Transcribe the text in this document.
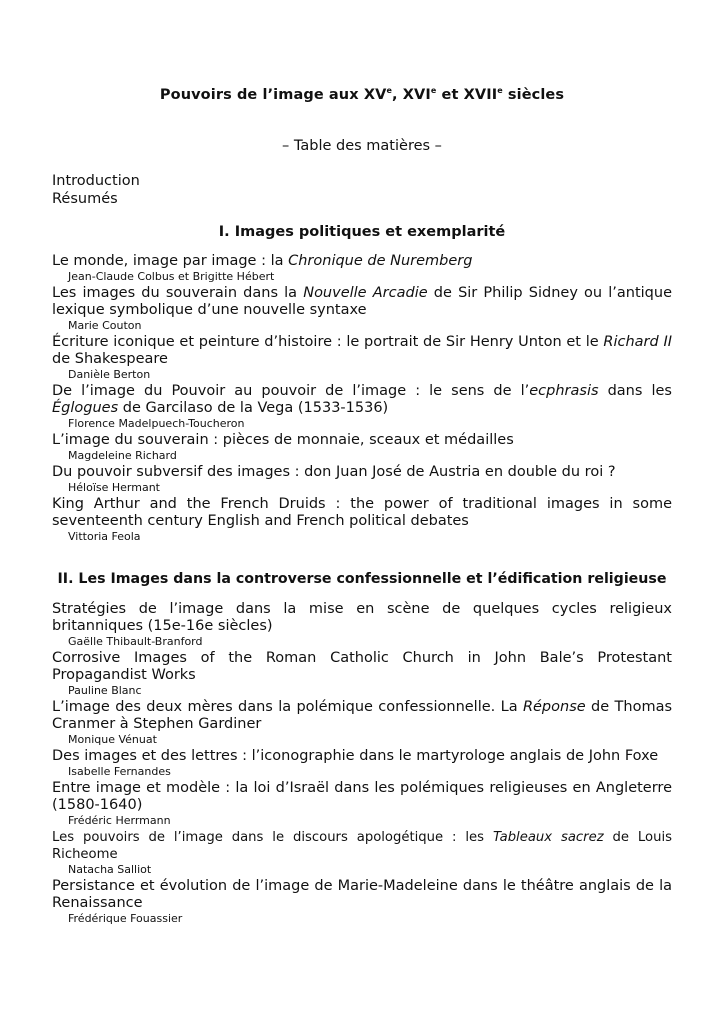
Pouvoirs de l’image aux XVe, XVIe et XVIIe siècles
– Table des matières –
Introduction
Résumés
I. Images politiques et exemplarité
Le monde, image par image : la Chronique de Nuremberg
Jean-Claude Colbus et Brigitte Hébert
Les images du souverain dans la Nouvelle Arcadie de Sir Philip Sidney ou l’antique lexique symbolique d’une nouvelle syntaxe
Marie Couton
Écriture iconique et peinture d’histoire : le portrait de Sir Henry Unton et le Richard II de Shakespeare
Danièle Berton
De l’image du Pouvoir au pouvoir de l’image : le sens de l’ecphrasis dans les Églogues de Garcilaso de la Vega (1533-1536)
Florence Madelpuech-Toucheron
L’image du souverain : pièces de monnaie, sceaux et médailles
Magdeleine Richard
Du pouvoir subversif des images : don Juan José de Austria en double du roi ?
Héloïse Hermant
King Arthur and the French Druids : the power of traditional images in some seventeenth century English and French political debates
Vittoria Feola
II. Les Images dans la controverse confessionnelle et l’édification religieuse
Stratégies de l’image dans la mise en scène de quelques cycles religieux britanniques (15e-16e siècles)
Gaëlle Thibault-Branford
Corrosive Images of the Roman Catholic Church in John Bale’s Protestant Propagandist Works
Pauline Blanc
L’image des deux mères dans la polémique confessionnelle. La Réponse de Thomas Cranmer à Stephen Gardiner
Monique Vénuat
Des images et des lettres : l’iconographie dans le martyrologe anglais de John Foxe
Isabelle Fernandes
Entre image et modèle : la loi d’Israël dans les polémiques religieuses en Angleterre (1580-1640)
Frédéric Herrmann
Les pouvoirs de l’image dans le discours apologétique : les Tableaux sacrez de Louis Richeome
Natacha Salliot
Persistance et évolution de l’image de Marie-Madeleine dans le théâtre anglais de la Renaissance
Frédérique Fouassier
